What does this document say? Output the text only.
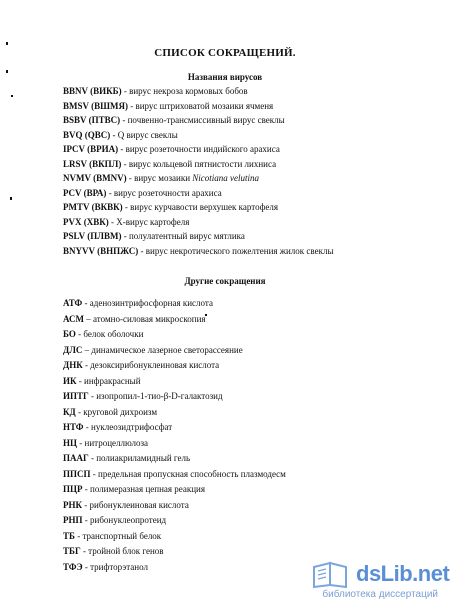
СПИСОК СОКРАЩЕНИЙ.
Названия вирусов
BBNV (ВИКБ) - вирус некроза кормовых бобов
BMSV (ВШМЯ) - вирус штриховатой мозаики ячменя
BSBV (ПТВС) - почвенно-трансмиссивный вирус свеклы
BVQ (QBC) - Q вирус свеклы
IPCV (ВРИА) - вирус розеточности индийского арахиса
LRSV (ВКПЛ) - вирус кольцевой пятнистости лихниса
NVMV (BMNV) - вирус мозаики Nicotiana velutina
PCV (ВРА) - вирус розеточности арахиса
PMTV (ВКВК) - вирус курчавости верхушек картофеля
PVX (ХВК) - Х-вирус картофеля
PSLV (ПЛВМ) - полулатентный вирус мятлика
BNYVV (ВНПЖС) - вирус некротического пожелтения жилок свеклы
Другие сокращения
АТФ - аденозинтрифосфорная кислота
АСМ – атомно-силовая микроскопия
БО - белок оболочки
ДЛС – динамическое лазерное светорассеяние
ДНК - дезоксирибонуклеиновая кислота
ИК - инфракрасный
ИПТГ - изопропил-1-тио-β-D-галактозид
КД - круговой дихроизм
НТФ - нуклеозидтрифосфат
НЦ - нитроцеллюлоза
ПААГ - полиакриламидный гель
ППСП - предельная пропускная способность плазмодесм
ПЦР - полимеразная цепная реакция
РНК - рибонуклеиновая кислота
РНП - рибонуклеопротеид
ТБ - транспортный белок
ТБГ - тройной блок генов
ТФЭ - трифторэтанол	dsLib.net
библиотека диссертаций
